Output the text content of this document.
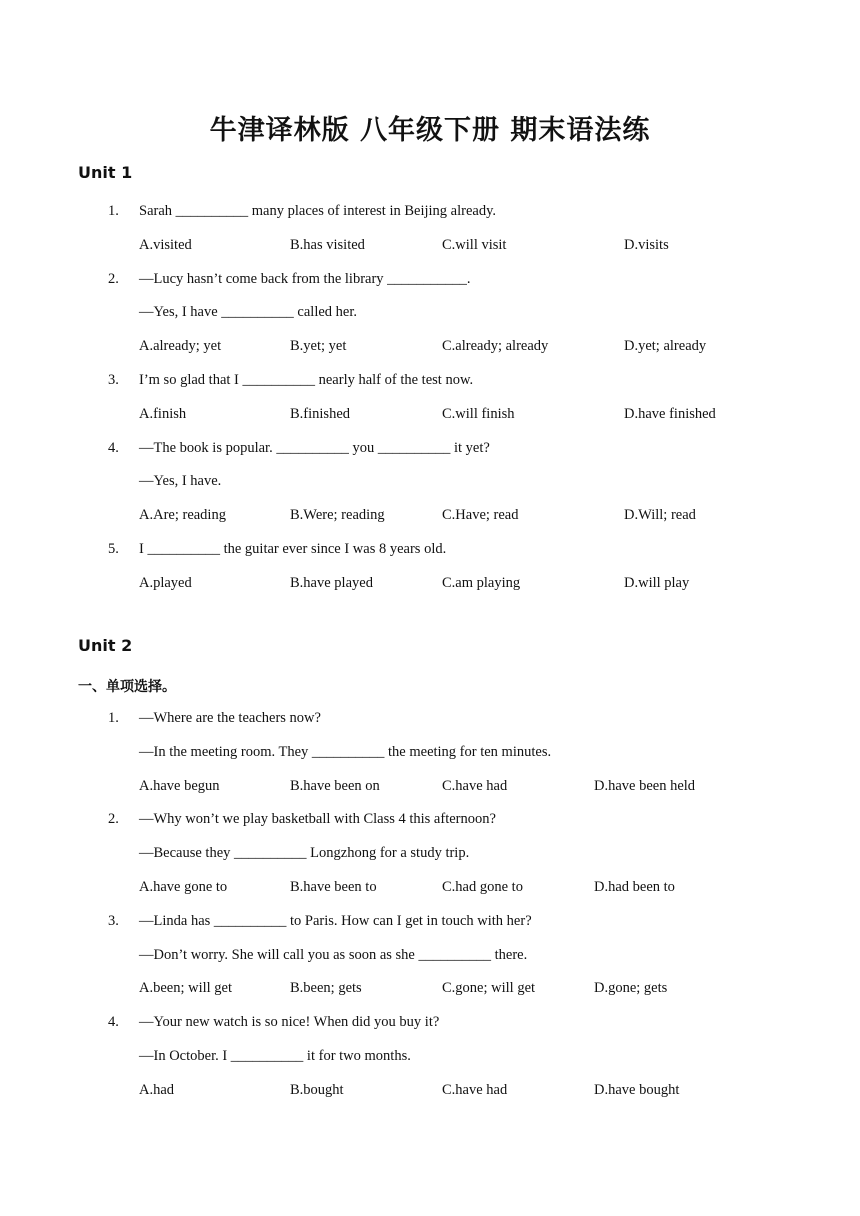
牛津译林版 八年级下册 期末语法练
Unit 1
1. Sarah __________ many places of interest in Beijing already.
A.visited	B.has visited	C.will visit	D.visits
2. —Lucy hasn’t come back from the library ___________.
—Yes, I have __________ called her.
A.already; yet	B.yet; yet	C.already; already	D.yet; already
3. I’m so glad that I __________ nearly half of the test now.
A.finish	B.finished	C.will finish	D.have finished
4. —The book is popular. __________ you __________ it yet?
—Yes, I have.
A.Are; reading	B.Were; reading	C.Have; read	D.Will; read
5. I __________ the guitar ever since I was 8 years old.
A.played	B.have played	C.am playing	D.will play
Unit 2
一、单项选择。
1. —Where are the teachers now?
—In the meeting room. They __________ the meeting for ten minutes.
A.have begun	B.have been on	C.have had	D.have been held
2. —Why won’t we play basketball with Class 4 this afternoon?
—Because they __________ Longzhong for a study trip.
A.have gone to	B.have been to	C.had gone to	D.had been to
3. —Linda has __________ to Paris. How can I get in touch with her?
—Don’t worry. She will call you as soon as she __________ there.
A.been; will get	B.been; gets	C.gone; will get	D.gone; gets
4. —Your new watch is so nice! When did you buy it?
—In October. I __________ it for two months.
A.had	B.bought	C.have had	D.have bought
